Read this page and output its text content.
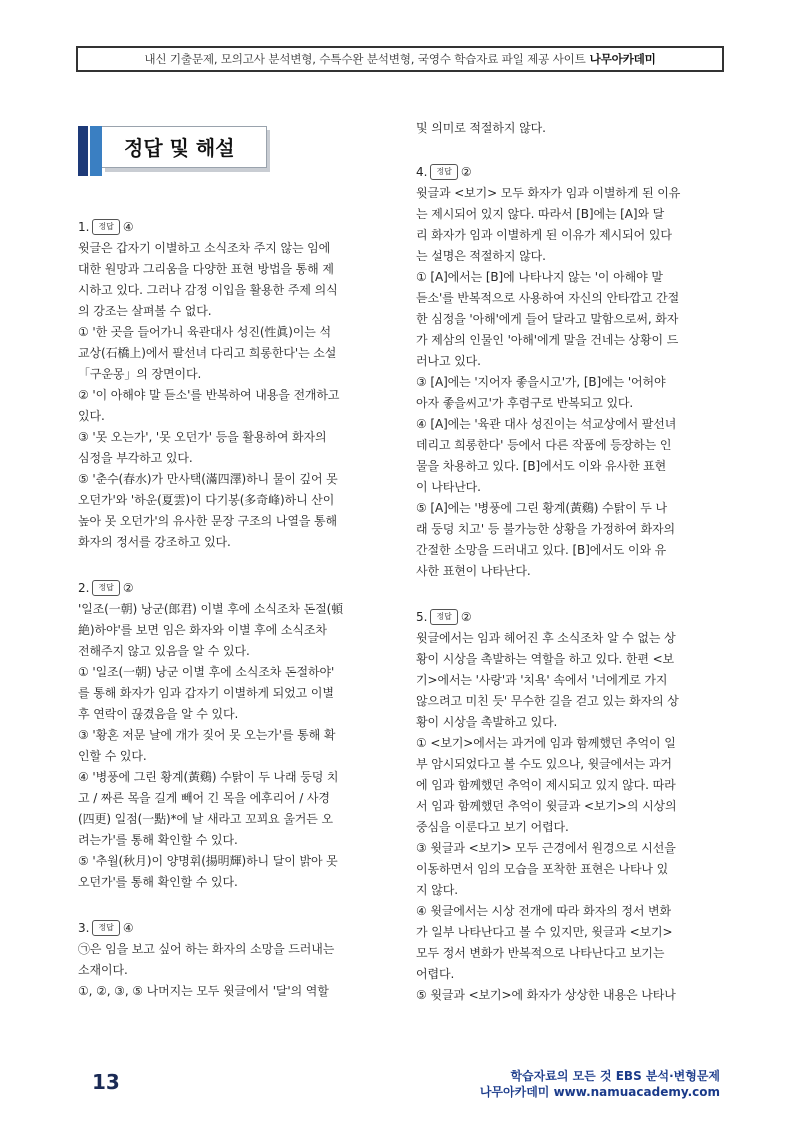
내신 기출문제, 모의고사 분석변형, 수특수완 분석변형, 국영수 학습자료 파일 제공 사이트 나무아카데미
정답 및 해설
1.	정답 ④

윗글은 갑자기 이별하고 소식조차 주지 않는 임에

대한 원망과 그리움을 다양한 표현 방법을 통해 제

시하고 있다. 그러나 감정 이입을 활용한 주제 의식

의 강조는 살펴볼 수 없다.

① '한 곳을 들어가니 육관대사 성진(性眞)이는 석

교상(石橋上)에서 팔선녀 다리고 희롱한다'는 소설

「구운몽」의 장면이다.

② '이 아해야 말 듣소'를 반복하여 내용을 전개하고

있다.

③ '못 오는가', '못 오던가' 등을 활용하여 화자의

심정을 부각하고 있다.

⑤ '춘수(春水)가 만사택(滿四澤)하니 물이 깊어 못

오던가'와 '하운(夏雲)이 다기봉(多奇峰)하니 산이

높아 못 오던가'의 유사한 문장 구조의 나열을 통해

화자의 정서를 강조하고 있다.

2.	정답 ②

'일조(一朝) 낭군(郎君) 이별 후에 소식조차 돈절(頓

絶)하야'를 보면 임은 화자와 이별 후에 소식조차

전해주지 않고 있음을 알 수 있다.

① '일조(一朝) 낭군 이별 후에 소식조차 돈절하야'

를 통해 화자가 임과 갑자기 이별하게 되었고 이별

후 연락이 끊겼음을 알 수 있다.

③ '황혼 저문 날에 개가 짖어 못 오는가'를 통해 확

인할 수 있다.

④ '병풍에 그린 황계(黃鷄) 수탉이 두 나래 둥덩 치

고 / 짜른 목을 길게 빼어 긴 목을 에후리어 / 사경

(四更) 일점(一點)*에 날 새라고 꼬꾀요 울거든 오

려는가'를 통해 확인할 수 있다.

⑤ '추월(秋月)이 양명휘(揚明輝)하니 달이 밝아 못

오던가'를 통해 확인할 수 있다.

3.	정답 ④

㉠은 임을 보고 싶어 하는 화자의 소망을 드러내는

소재이다.

①, ②, ③, ⑤ 나머지는 모두 윗글에서 '달'의 역할

및 의미로 적절하지 않다.

4.	정답 ②

윗글과 <보기> 모두 화자가 임과 이별하게 된 이유

는 제시되어 있지 않다. 따라서 [B]에는 [A]와 달

리 화자가 임과 이별하게 된 이유가 제시되어 있다

는 설명은 적절하지 않다.

① [A]에서는 [B]에 나타나지 않는 '이 아해야 말

듣소'를 반복적으로 사용하여 자신의 안타깝고 간절

한 심정을 '아해'에게 들어 달라고 말함으로써, 화자

가 제삼의 인물인 '아해'에게 말을 건네는 상황이 드

러나고 있다.

③ [A]에는 '지어자 좋을시고'가, [B]에는 '어허야

아자 좋을씨고'가 후렴구로 반복되고 있다.

④ [A]에는 '육관 대사 성진이는 석교상에서 팔선녀

데리고 희롱한다' 등에서 다른 작품에 등장하는 인

물을 차용하고 있다. [B]에서도 이와 유사한 표현

이 나타난다.

⑤ [A]에는 '병풍에 그린 황계(黃鷄) 수탉이 두 나

래 둥덩 치고' 등 불가능한 상황을 가정하여 화자의

간절한 소망을 드러내고 있다. [B]에서도 이와 유

사한 표현이 나타난다.

5.	정답 ②

윗글에서는 임과 헤어진 후 소식조차 알 수 없는 상

황이 시상을 촉발하는 역할을 하고 있다. 한편 <보

기>에서는 '사랑'과 '치욕' 속에서 '너에게로 가지

않으려고 미친 듯' 무수한 길을 걷고 있는 화자의 상

황이 시상을 촉발하고 있다.

① <보기>에서는 과거에 임과 함께했던 추억이 일

부 암시되었다고 볼 수도 있으나, 윗글에서는 과거

에 임과 함께했던 추억이 제시되고 있지 않다. 따라

서 임과 함께했던 추억이 윗글과 <보기>의 시상의

중심을 이룬다고 보기 어렵다.

③ 윗글과 <보기> 모두 근경에서 원경으로 시선을

이동하면서 임의 모습을 포착한 표현은 나타나 있

지 않다.

④ 윗글에서는 시상 전개에 따라 화자의 정서 변화

가 일부 나타난다고 볼 수 있지만, 윗글과 <보기>

모두 정서 변화가 반복적으로 나타난다고 보기는

어렵다.

⑤ 윗글과 <보기>에 화자가 상상한 내용은 나타나

13	학습자료의 모든 것 EBS 분석·변형문제
나무아카데미 www.namuacademy.com
